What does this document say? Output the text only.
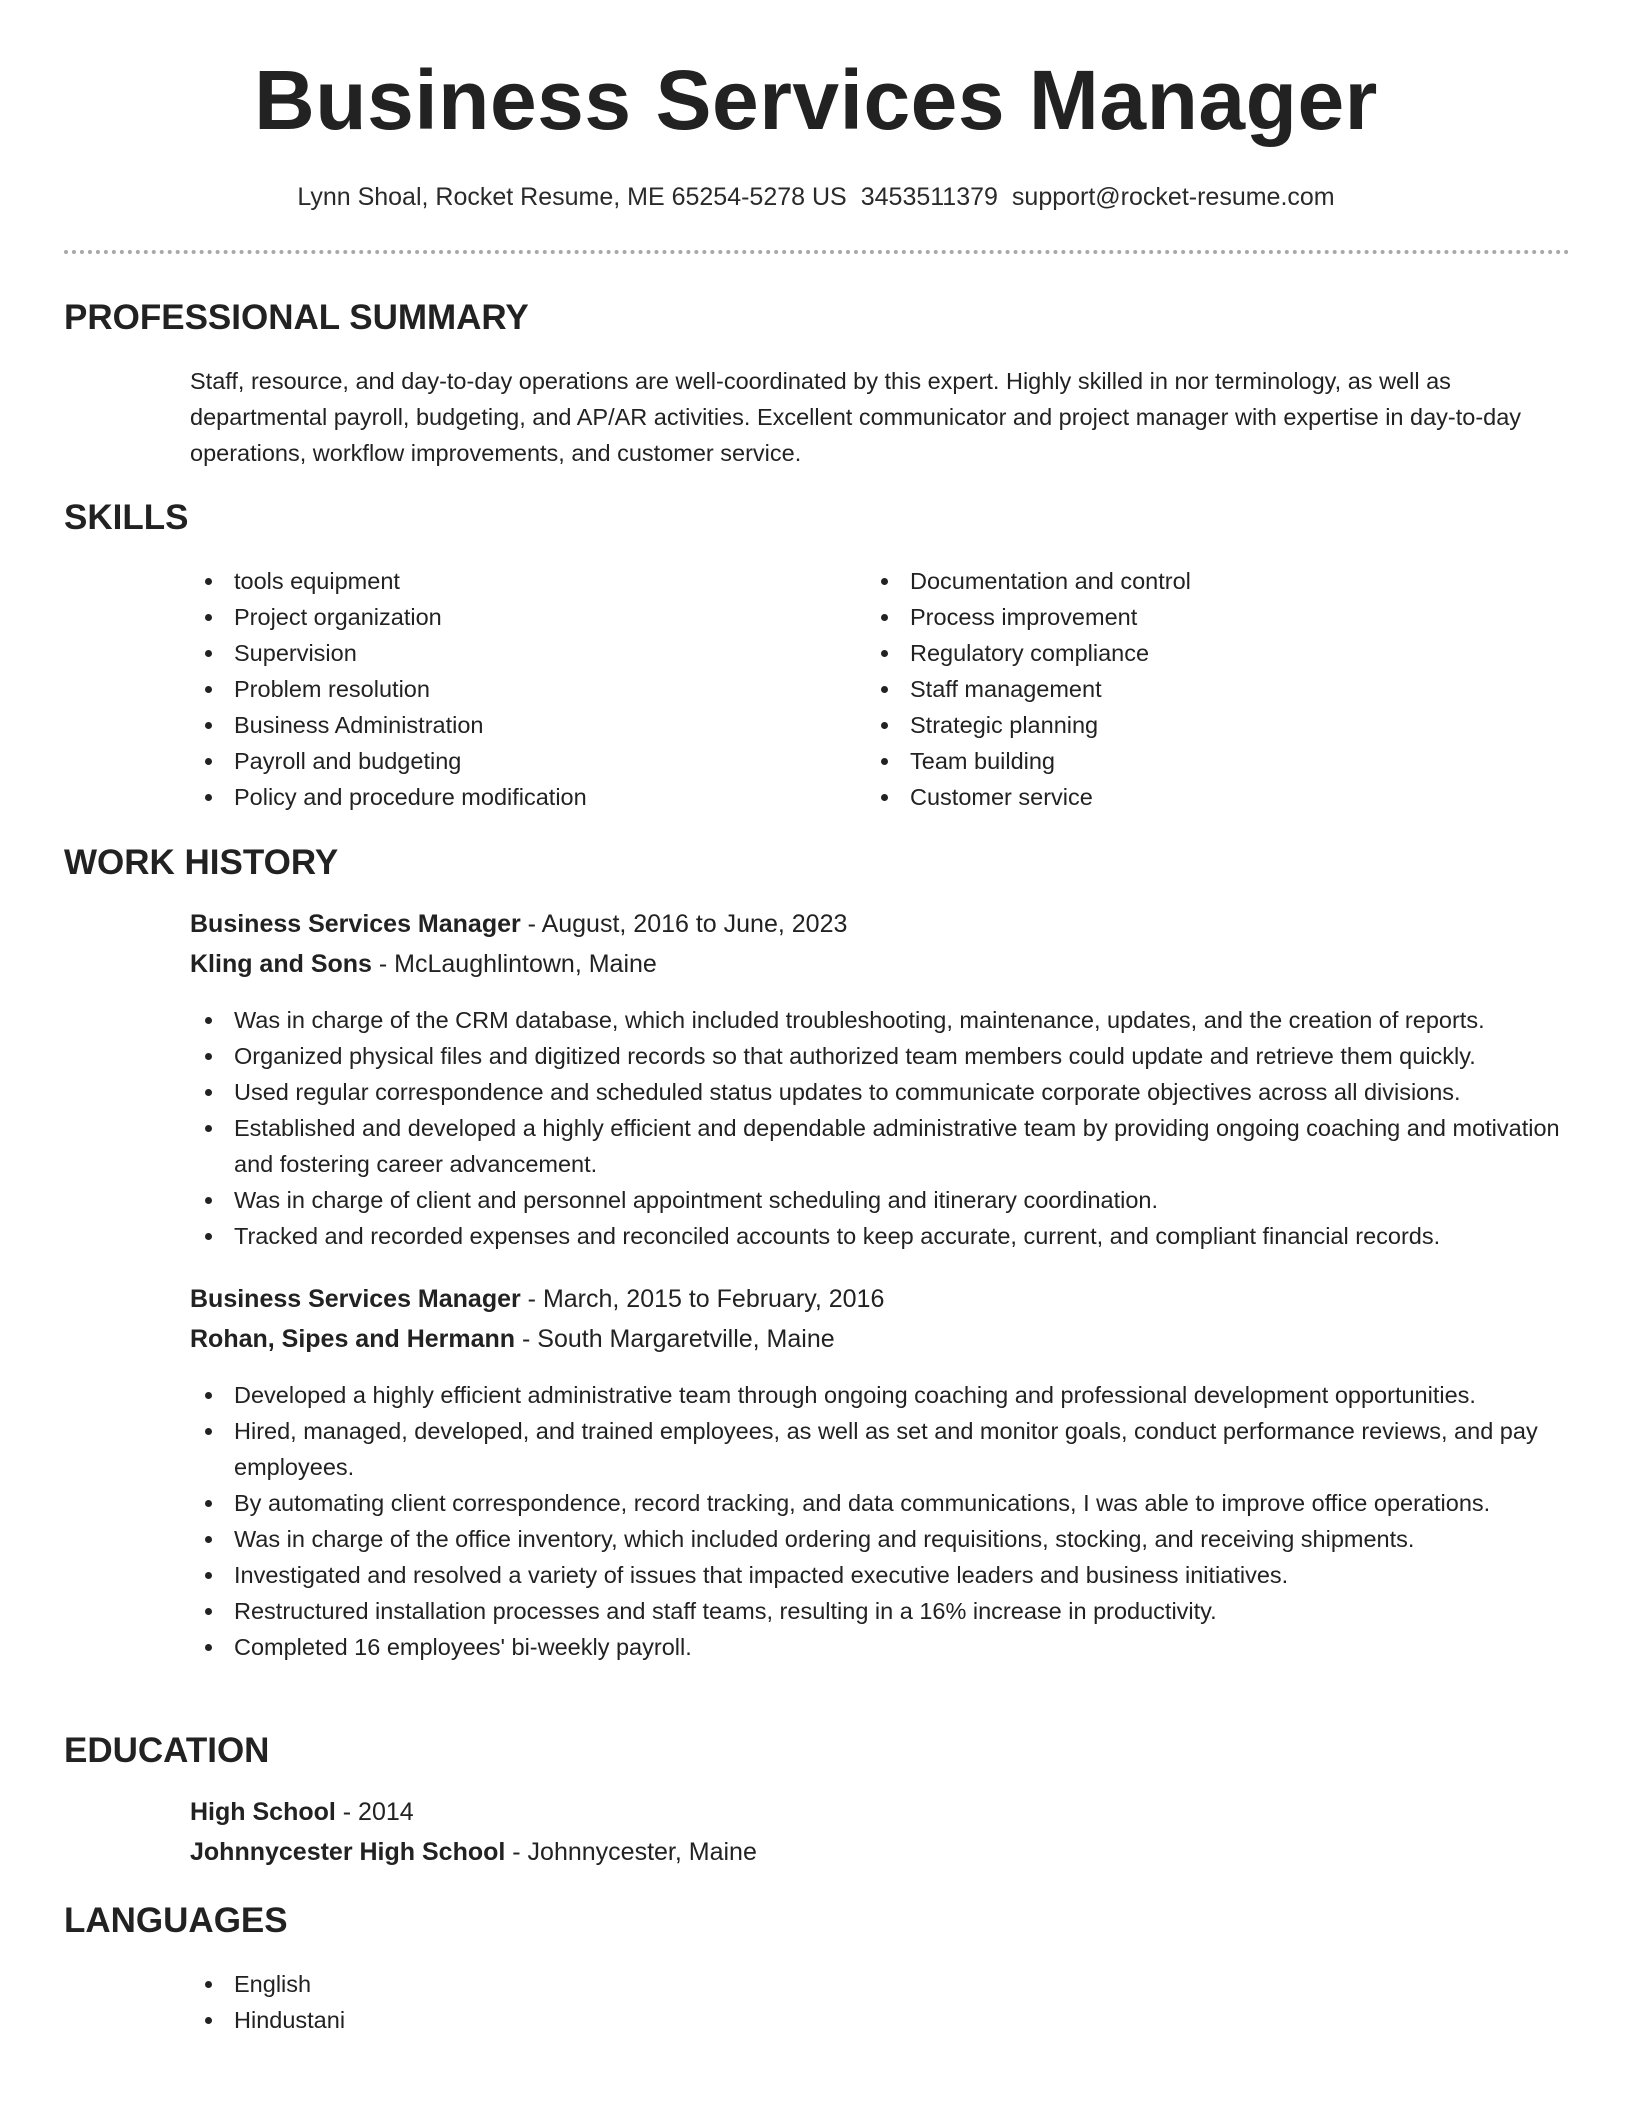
Business Services Manager
Lynn Shoal, Rocket Resume, ME 65254-5278 US 3453511379 support@rocket-resume.com
PROFESSIONAL SUMMARY
Staff, resource, and day-to-day operations are well-coordinated by this expert. Highly skilled in nor terminology, as well as departmental payroll, budgeting, and AP/AR activities. Excellent communicator and project manager with expertise in day-to-day operations, workflow improvements, and customer service.
SKILLS
tools equipment
Project organization
Supervision
Problem resolution
Business Administration
Payroll and budgeting
Policy and procedure modification
Documentation and control
Process improvement
Regulatory compliance
Staff management
Strategic planning
Team building
Customer service
WORK HISTORY
Business Services Manager - August, 2016 to June, 2023
Kling and Sons - McLaughlintown, Maine
Was in charge of the CRM database, which included troubleshooting, maintenance, updates, and the creation of reports.
Organized physical files and digitized records so that authorized team members could update and retrieve them quickly.
Used regular correspondence and scheduled status updates to communicate corporate objectives across all divisions.
Established and developed a highly efficient and dependable administrative team by providing ongoing coaching and motivation and fostering career advancement.
Was in charge of client and personnel appointment scheduling and itinerary coordination.
Tracked and recorded expenses and reconciled accounts to keep accurate, current, and compliant financial records.
Business Services Manager - March, 2015 to February, 2016
Rohan, Sipes and Hermann - South Margaretville, Maine
Developed a highly efficient administrative team through ongoing coaching and professional development opportunities.
Hired, managed, developed, and trained employees, as well as set and monitor goals, conduct performance reviews, and pay employees.
By automating client correspondence, record tracking, and data communications, I was able to improve office operations.
Was in charge of the office inventory, which included ordering and requisitions, stocking, and receiving shipments.
Investigated and resolved a variety of issues that impacted executive leaders and business initiatives.
Restructured installation processes and staff teams, resulting in a 16% increase in productivity.
Completed 16 employees' bi-weekly payroll.
EDUCATION
High School - 2014
Johnnycester High School - Johnnycester, Maine
LANGUAGES
English
Hindustani
